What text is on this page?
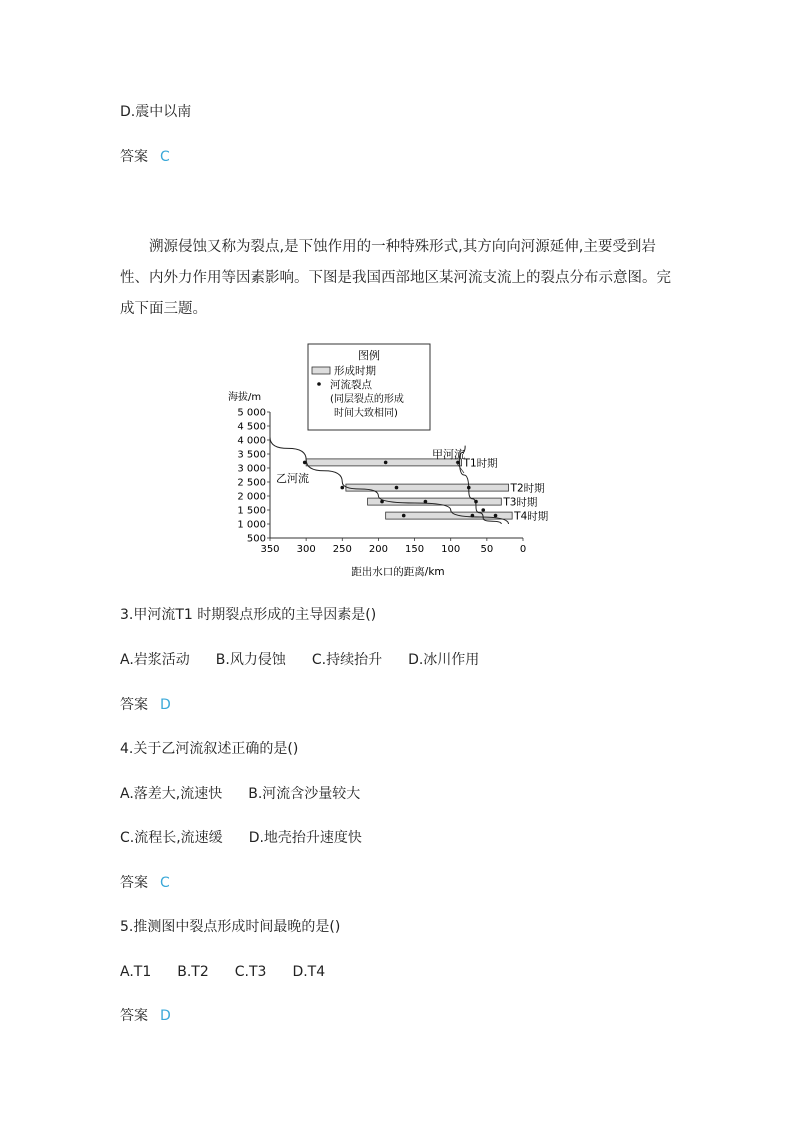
D.震中以南
答案 C
溯源侵蚀又称为裂点,是下蚀作用的一种特殊形式,其方向向河源延伸,主要受到岩性、内外力作用等因素影响。下图是我国西部地区某河流支流上的裂点分布示意图。完成下面三题。
图例
形成时期
河流裂点
(同层裂点的形成
时间大致相同)
海拔/m
距出水口的距离/km
5 000
4 500
4 000
3 500
3 000
2 500
2 000
1 500
1 000
500
350 300 250 200 150 100 50	0
T1时期
T2时期
T3时期
T4时期
甲河流
乙河流
3.甲河流T1 时期裂点形成的主导因素是()
A.岩浆活动 B.风力侵蚀 C.持续抬升 D.冰川作用
答案 D
4.关于乙河流叙述正确的是()
A.落差大,流速快 B.河流含沙量较大
C.流程长,流速缓 D.地壳抬升速度快
答案 C
5.推测图中裂点形成时间最晚的是()
A.T1 B.T2 C.T3 D.T4
答案 D
